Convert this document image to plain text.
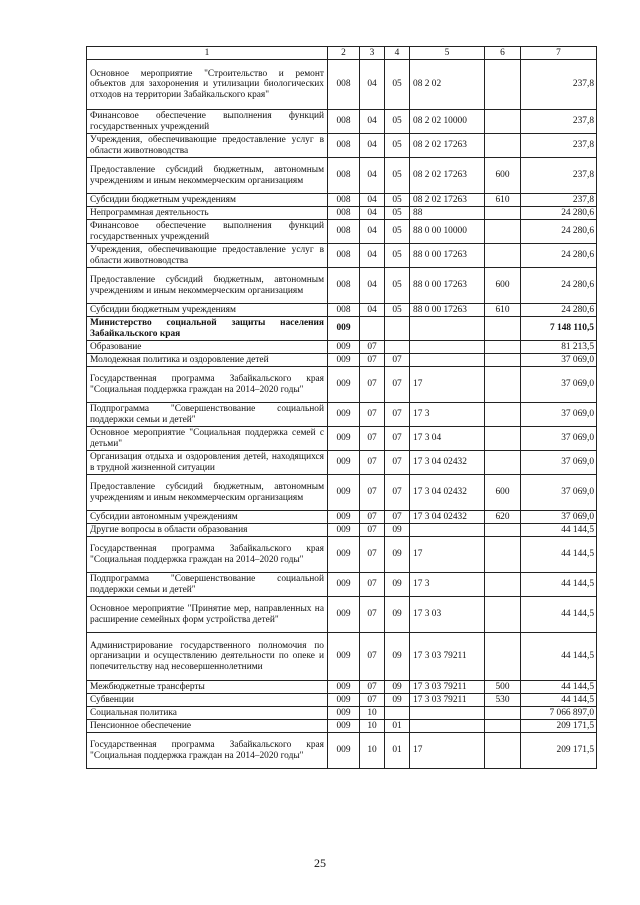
1	2	3	4	5	6	7
Основное мероприятие "Строительство и ремонт объектов для захоронения и утилизации биологических отходов на территории Забайкальского края"	008	04	05	08 2 02		237,8
Финансовое обеспечение выполнения функций государственных учреждений	008	04	05	08 2 02 10000		237,8
Учреждения, обеспечивающие предоставление услуг в области животноводства	008	04	05	08 2 02 17263		237,8
Предоставление субсидий бюджетным, автономным учреждениям и иным некоммерческим организациям	008	04	05	08 2 02 17263	600	237,8
Субсидии бюджетным учреждениям	008	04	05	08 2 02 17263	610	237,8
Непрограммная деятельность	008	04	05	88		24 280,6
Финансовое обеспечение выполнения функций государственных учреждений	008	04	05	88 0 00 10000		24 280,6
Учреждения, обеспечивающие предоставление услуг в области животноводства	008	04	05	88 0 00 17263		24 280,6
Предоставление субсидий бюджетным, автономным учреждениям и иным некоммерческим организациям	008	04	05	88 0 00 17263	600	24 280,6
Субсидии бюджетным учреждениям	008	04	05	88 0 00 17263	610	24 280,6
Министерство социальной защиты населения Забайкальского края	009					7 148 110,5
Образование	009	07				81 213,5
Молодежная политика и оздоровление детей	009	07	07			37 069,0
Государственная программа Забайкальского края "Социальная поддержка граждан на 2014–2020 годы"	009	07	07	17		37 069,0
Подпрограмма "Совершенствование социальной поддержки семьи и детей"	009	07	07	17 3		37 069,0
Основное мероприятие "Социальная поддержка семей с детьми"	009	07	07	17 3 04		37 069,0
Организация отдыха и оздоровления детей, находящихся в трудной жизненной ситуации	009	07	07	17 3 04 02432		37 069,0
Предоставление субсидий бюджетным, автономным учреждениям и иным некоммерческим организациям	009	07	07	17 3 04 02432	600	37 069,0
Субсидии автономным учреждениям	009	07	07	17 3 04 02432	620	37 069,0
Другие вопросы в области образования	009	07	09			44 144,5
Государственная программа Забайкальского края "Социальная поддержка граждан на 2014–2020 годы"	009	07	09	17		44 144,5
Подпрограмма "Совершенствование социальной поддержки семьи и детей"	009	07	09	17 3		44 144,5
Основное мероприятие "Принятие мер, направленных на расширение семейных форм устройства детей"	009	07	09	17 3 03		44 144,5
Администрирование государственного полномочия по организации и осуществлению деятельности по опеке и попечительству над несовершеннолетними	009	07	09	17 3 03 79211		44 144,5
Межбюджетные трансферты	009	07	09	17 3 03 79211	500	44 144,5
Субвенции	009	07	09	17 3 03 79211	530	44 144,5
Социальная политика	009	10				7 066 897,0
Пенсионное обеспечение	009	10	01			209 171,5
Государственная программа Забайкальского края "Социальная поддержка граждан на 2014–2020 годы"	009	10	01	17		209 171,5
25
